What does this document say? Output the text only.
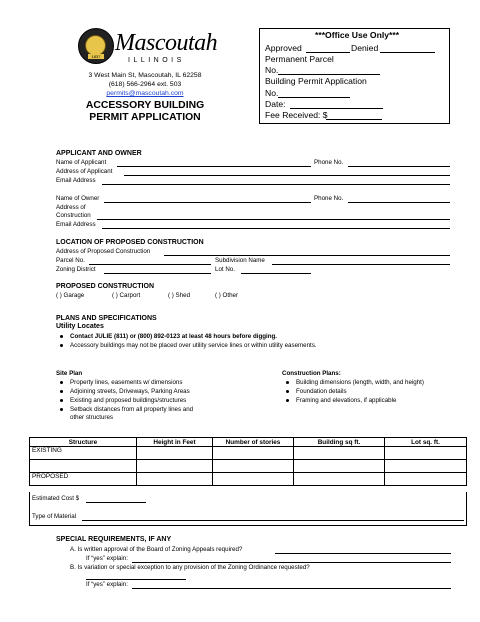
1837
Mascoutah
ILLINOIS
3 West Main St, Mascoutah, IL 62258
(618) 566-2964 ext. 503
permits@mascoutah.com
ACCESSORY BUILDING
PERMIT APPLICATION
***Office Use Only***
Approved	Denied
Permanent Parcel
No.
Building Permit Application
No.
Date:
Fee Received: $
APPLICANT AND OWNER
Name of Applicant	Phone No.
Address of Applicant
Email Address
Name of Owner	Phone No.
Address of
Construction
Email Address
LOCATION OF PROPOSED CONSTRUCTION
Address of Proposed Construction
Parcel No.	Subdivision Name
Zoning District	Lot No.
PROPOSED CONSTRUCTION
( ) Garage	( ) Carport	( ) Shed	( ) Other
PLANS AND SPECIFICATIONS
Utility Locates
Contact JULIE (811) or (800) 892-0123 at least 48 hours before digging.
Accessory buildings may not be placed over utility service lines or within utility easements.
Site Plan
Property lines, easements w/ dimensions
Adjoining streets, Driveways, Parking Areas
Existing and proposed buildings/structures
Setback distances from all property lines and
other structures
Construction Plans:
Building dimensions (length, width, and height)
Foundation details
Framing and elevations, if applicable
Structure	Height in Feet	Number of stories	Building sq ft.	Lot sq. ft.
EXISTING				

PROPOSED				
Estimated Cost $
Type of Material
SPECIAL REQUIREMENTS, IF ANY
A. Is written approval of the Board of Zoning Appeals required?
If “yes” explain:
B. Is variation or special exception to any provision of the Zoning Ordinance requested?
If “yes” explain:
